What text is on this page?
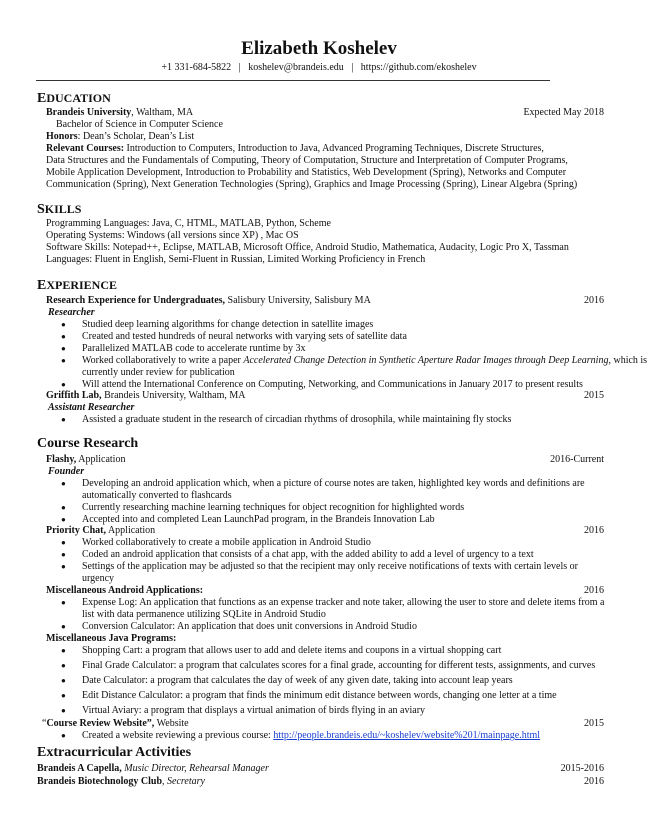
Elizabeth Koshelev
+1 331-684-5822 | koshelev@brandeis.edu | https://github.com/ekoshelev
EDUCATION
Brandeis University, Waltham, MA	Expected May 2018
Bachelor of Science in Computer Science
Honors: Dean’s Scholar, Dean’s List
Relevant Courses: Introduction to Computers, Introduction to Java, Advanced Programing Techniques, Discrete Structures,
Data Structures and the Fundamentals of Computing, Theory of Computation, Structure and Interpretation of Computer Programs,
Mobile Application Development, Introduction to Probability and Statistics, Web Development (Spring), Networks and Computer
Communication (Spring), Next Generation Technologies (Spring), Graphics and Image Processing (Spring), Linear Algebra (Spring)
SKILLS
Programming Languages: Java, C, HTML, MATLAB, Python, Scheme
Operating Systems: Windows (all versions since XP) , Mac OS
Software Skills: Notepad++, Eclipse, MATLAB, Microsoft Office, Android Studio, Mathematica, Audacity, Logic Pro X, Tassman
Languages: Fluent in English, Semi-Fluent in Russian, Limited Working Proficiency in French
EXPERIENCE
Research Experience for Undergraduates, Salisbury University, Salisbury MA	2016
Researcher
● Studied deep learning algorithms for change detection in satellite images
● Created and tested hundreds of neural networks with varying sets of satellite data
● Parallelized MATLAB code to accelerate runtime by 3x
● Worked collaboratively to write a paper Accelerated Change Detection in Synthetic Aperture Radar Images through Deep Learning, which is
currently under review for publication
● Will attend the International Conference on Computing, Networking, and Communications in January 2017 to present results
Griffith Lab, Brandeis University, Waltham, MA	2015
Assistant Researcher
● Assisted a graduate student in the research of circadian rhythms of drosophila, while maintaining fly stocks
Course Research
Flashy, Application	2016-Current
Founder
● Developing an android application which, when a picture of course notes are taken, highlighted key words and definitions are
automatically converted to flashcards
● Currently researching machine learning techniques for object recognition for highlighted words
● Accepted into and completed Lean LaunchPad program, in the Brandeis Innovation Lab
Priority Chat, Application	2016
● Worked collaboratively to create a mobile application in Android Studio
● Coded an android application that consists of a chat app, with the added ability to add a level of urgency to a text
● Settings of the application may be adjusted so that the recipient may only receive notifications of texts with certain levels or
urgency
Miscellaneous Android Applications:	2016
● Expense Log: An application that functions as an expense tracker and note taker, allowing the user to store and delete items from a
list with data permanence utilizing SQLite in Android Studio
● Conversion Calculator: An application that does unit conversions in Android Studio
Miscellaneous Java Programs:
● Shopping Cart: a program that allows user to add and delete items and coupons in a virtual shopping cart
● Final Grade Calculator: a program that calculates scores for a final grade, accounting for different tests, assignments, and curves
● Date Calculator: a program that calculates the day of week of any given date, taking into account leap years
● Edit Distance Calculator: a program that finds the minimum edit distance between words, changing one letter at a time
● Virtual Aviary: a program that displays a virtual animation of birds flying in an aviary
“Course Review Website”, Website	2015
● Created a website reviewing a previous course: http://people.brandeis.edu/~koshelev/website%201/mainpage.html
Extracurricular Activities
Brandeis A Capella, Music Director, Rehearsal Manager	2015-2016
Brandeis Biotechnology Club, Secretary	2016
